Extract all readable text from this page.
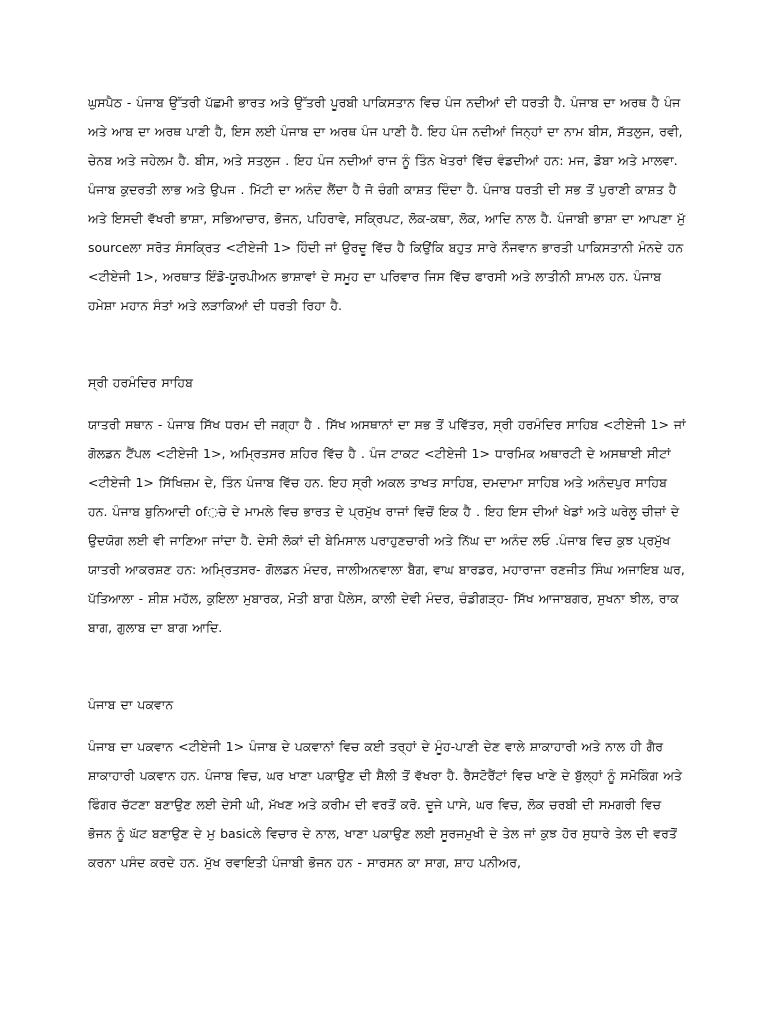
ਘੁਸਪੈਠ - ਪੰਜਾਬ ਉੱਤਰੀ ਪੱਛਮੀ ਭਾਰਤ ਅਤੇ ਉੱਤਰੀ ਪੂਰਬੀ ਪਾਕਿਸਤਾਨ ਵਿਚ ਪੰਜ ਨਦੀਆਂ ਦੀ ਧਰਤੀ ਹੈ. ਪੰਜਾਬ ਦਾ ਅਰਥ ਹੈ ਪੰਜ ਅਤੇ ਆਬ ਦਾ ਅਰਥ ਪਾਣੀ ਹੈ, ਇਸ ਲਈ ਪੰਜਾਬ ਦਾ ਅਰਥ ਪੰਜ ਪਾਣੀ ਹੈ. ਇਹ ਪੰਜ ਨਦੀਆਂ ਜਿਨ੍ਹਾਂ ਦਾ ਨਾਮ ਬੀਸ, ਸੱਤਲੁਜ, ਰਵੀ, ਚੇਨਬ ਅਤੇ ਜਹੇਲਮ ਹੈ. ਬੀਸ, ਅਤੇ ਸਤਲੁਜ . ਇਹ ਪੰਜ ਨਦੀਆਂ ਰਾਜ ਨੂੰ ਤਿੰਨ ਖੇਤਰਾਂ ਵਿੱਚ ਵੰਡਦੀਆਂ ਹਨ: ਮਜ, ਡੋਬਾ ਅਤੇ ਮਾਲਵਾ. ਪੰਜਾਬ ਕੁਦਰਤੀ ਲਾਭ ਅਤੇ ਉਪਜ . ਮਿੱਟੀ ਦਾ ਅਨੰਦ ਲੈਂਦਾ ਹੈ ਜੋ ਚੰਗੀ ਕਾਸ਼ਤ ਦਿੰਦਾ ਹੈ. ਪੰਜਾਬ ਧਰਤੀ ਦੀ ਸਭ ਤੋਂ ਪੁਰਾਣੀ ਕਾਸ਼ਤ ਹੈ ਅਤੇ ਇਸਦੀ ਵੱਖਰੀ ਭਾਸ਼ਾ, ਸਭਿਆਚਾਰ, ਭੋਜਨ, ਪਹਿਰਾਵੇ, ਸਕ੍ਰਿਪਟ, ਲੋਕ-ਕਥਾ, ਲੋਕ, ਆਦਿ ਨਾਲ ਹੈ. ਪੰਜਾਬੀ ਭਾਸ਼ਾ ਦਾ ਆਪਣਾ ਮੁੱ sourceਲਾ ਸਰੋਤ ਸੰਸਕ੍ਰਿਤ <ਟੀਏਜੀ 1> ਹਿੰਦੀ ਜਾਂ ਉਰਦੂ ਵਿੱਚ ਹੈ ਕਿਉਂਕਿ ਬਹੁਤ ਸਾਰੇ ਨੌਜਵਾਨ ਭਾਰਤੀ ਪਾਕਿਸਤਾਨੀ ਮੰਨਦੇ ਹਨ <ਟੀਏਜੀ 1>, ਅਰਥਾਤ ਇੰਡੋ-ਯੂਰਪੀਅਨ ਭਾਸ਼ਾਵਾਂ ਦੇ ਸਮੂਹ ਦਾ ਪਰਿਵਾਰ ਜਿਸ ਵਿੱਚ ਫਾਰਸੀ ਅਤੇ ਲਾਤੀਨੀ ਸ਼ਾਮਲ ਹਨ. ਪੰਜਾਬ ਹਮੇਸ਼ਾ ਮਹਾਨ ਸੰਤਾਂ ਅਤੇ ਲੜਾਕਿਆਂ ਦੀ ਧਰਤੀ ਰਿਹਾ ਹੈ.

ਸ੍ਰੀ ਹਰਮੰਦਿਰ ਸਾਹਿਬ

ਯਾਤਰੀ ਸਥਾਨ - ਪੰਜਾਬ ਸਿੱਖ ਧਰਮ ਦੀ ਜਗ੍ਹਾ ਹੈ . ਸਿੱਖ ਅਸਥਾਨਾਂ ਦਾ ਸਭ ਤੋਂ ਪਵਿੱਤਰ, ਸ੍ਰੀ ਹਰਮੰਦਿਰ ਸਾਹਿਬ <ਟੀਏਜੀ 1> ਜਾਂ ਗੋਲਡਨ ਟੈਂਪਲ <ਟੀਏਜੀ 1>, ਅਮ੍ਰਿਤਸਰ ਸ਼ਹਿਰ ਵਿੱਚ ਹੈ . ਪੰਜ ਟਾਕਟ <ਟੀਏਜੀ 1> ਧਾਰਮਿਕ ਅਥਾਰਟੀ ਦੇ ਅਸਥਾਈ ਸੀਟਾਂ <ਟੀਏਜੀ 1> ਸਿੱਖਿਜ਼ਮ ਦੇ, ਤਿੰਨ ਪੰਜਾਬ ਵਿੱਚ ਹਨ. ਇਹ ਸ੍ਰੀ ਅਕਲ ਤਾਖਤ ਸਾਹਿਬ, ਦਮਦਾਮਾ ਸਾਹਿਬ ਅਤੇ ਅਨੰਦਪੁਰ ਸਾਹਿਬ ਹਨ. ਪੰਜਾਬ ਬੁਨਿਆਦੀ of◌ਚੇ ਦੇ ਮਾਮਲੇ ਵਿਚ ਭਾਰਤ ਦੇ ਪ੍ਰਮੁੱਖ ਰਾਜਾਂ ਵਿਚੋਂ ਇਕ ਹੈ . ਇਹ ਇਸ ਦੀਆਂ ਖੇਡਾਂ ਅਤੇ ਘਰੇਲੂ ਚੀਜ਼ਾਂ ਦੇ ਉਦਯੋਗ ਲਈ ਵੀ ਜਾਣਿਆ ਜਾਂਦਾ ਹੈ. ਦੇਸੀ ਲੋਕਾਂ ਦੀ ਬੇਮਿਸਾਲ ਪਰਾਹੁਣਚਾਰੀ ਅਤੇ ਨਿੱਘ ਦਾ ਅਨੰਦ ਲਓ .ਪੰਜਾਬ ਵਿਚ ਕੁਝ ਪ੍ਰਮੁੱਖ ਯਾਤਰੀ ਆਕਰਸ਼ਣ ਹਨ: ਅਮ੍ਰਿਤਸਰ- ਗੋਲਡਨ ਮੰਦਰ, ਜਾਲੀਅਨਵਾਲਾ ਬੈਗ, ਵਾਘ ਬਾਰਡਰ, ਮਹਾਰਾਜਾ ਰਣਜੀਤ ਸਿੰਘ ਅਜਾਇਬ ਘਰ, ਪੱਤਿਆਲਾ - ਸ਼ੀਸ਼ ਮਹੱਲ, ਕੁਇਲਾ ਮੁਬਾਰਕ, ਮੋਤੀ ਬਾਗ ਪੈਲੇਸ, ਕਾਲੀ ਦੇਵੀ ਮੰਦਰ, ਚੰਡੀਗੜ੍ਹ- ਸਿੱਖ ਆਜਾਬਗਰ, ਸੁਖਨਾ ਝੀਲ, ਰਾਕ ਬਾਗ, ਗੁਲਾਬ ਦਾ ਬਾਗ ਆਦਿ.

ਪੰਜਾਬ ਦਾ ਪਕਵਾਨ

ਪੰਜਾਬ ਦਾ ਪਕਵਾਨ <ਟੀਏਜੀ 1> ਪੰਜਾਬ ਦੇ ਪਕਵਾਨਾਂ ਵਿਚ ਕਈ ਤਰ੍ਹਾਂ ਦੇ ਮੂੰਹ-ਪਾਣੀ ਦੇਣ ਵਾਲੇ ਸ਼ਾਕਾਹਾਰੀ ਅਤੇ ਨਾਲ ਹੀ ਗੈਰ ਸ਼ਾਕਾਹਾਰੀ ਪਕਵਾਨ ਹਨ. ਪੰਜਾਬ ਵਿਚ, ਘਰ ਖਾਣਾ ਪਕਾਉਣ ਦੀ ਸ਼ੈਲੀ ਤੋਂ ਵੱਖਰਾ ਹੈ. ਰੈਸਟੋਰੈਂਟਾਂ ਵਿਚ ਖਾਣੇ ਦੇ ਬੁੱਲ੍ਹਾਂ ਨੂੰ ਸਮੋਕਿੰਗ ਅਤੇ ਫਿੰਗਰ ਚੱਟਣਾ ਬਣਾਉਣ ਲਈ ਦੇਸੀ ਘੀ, ਮੱਖਣ ਅਤੇ ਕਰੀਮ ਦੀ ਵਰਤੋਂ ਕਰੋ. ਦੂਜੇ ਪਾਸੇ, ਘਰ ਵਿਚ, ਲੋਕ ਚਰਬੀ ਦੀ ਸਮਗਰੀ ਵਿਚ ਭੋਜਨ ਨੂੰ ਘੱਟ ਬਣਾਉਣ ਦੇ ਮੁ basicਲੇ ਵਿਚਾਰ ਦੇ ਨਾਲ, ਖਾਣਾ ਪਕਾਉਣ ਲਈ ਸੂਰਜਮੁਖੀ ਦੇ ਤੇਲ ਜਾਂ ਕੁਝ ਹੋਰ ਸੁਧਾਰੇ ਤੇਲ ਦੀ ਵਰਤੋਂ ਕਰਨਾ ਪਸੰਦ ਕਰਦੇ ਹਨ. ਮੁੱਖ ਰਵਾਇਤੀ ਪੰਜਾਬੀ ਭੋਜਨ ਹਨ - ਸਾਰਸਨ ਕਾ ਸਾਗ, ਸ਼ਾਹ ਪਨੀਅਰ,
